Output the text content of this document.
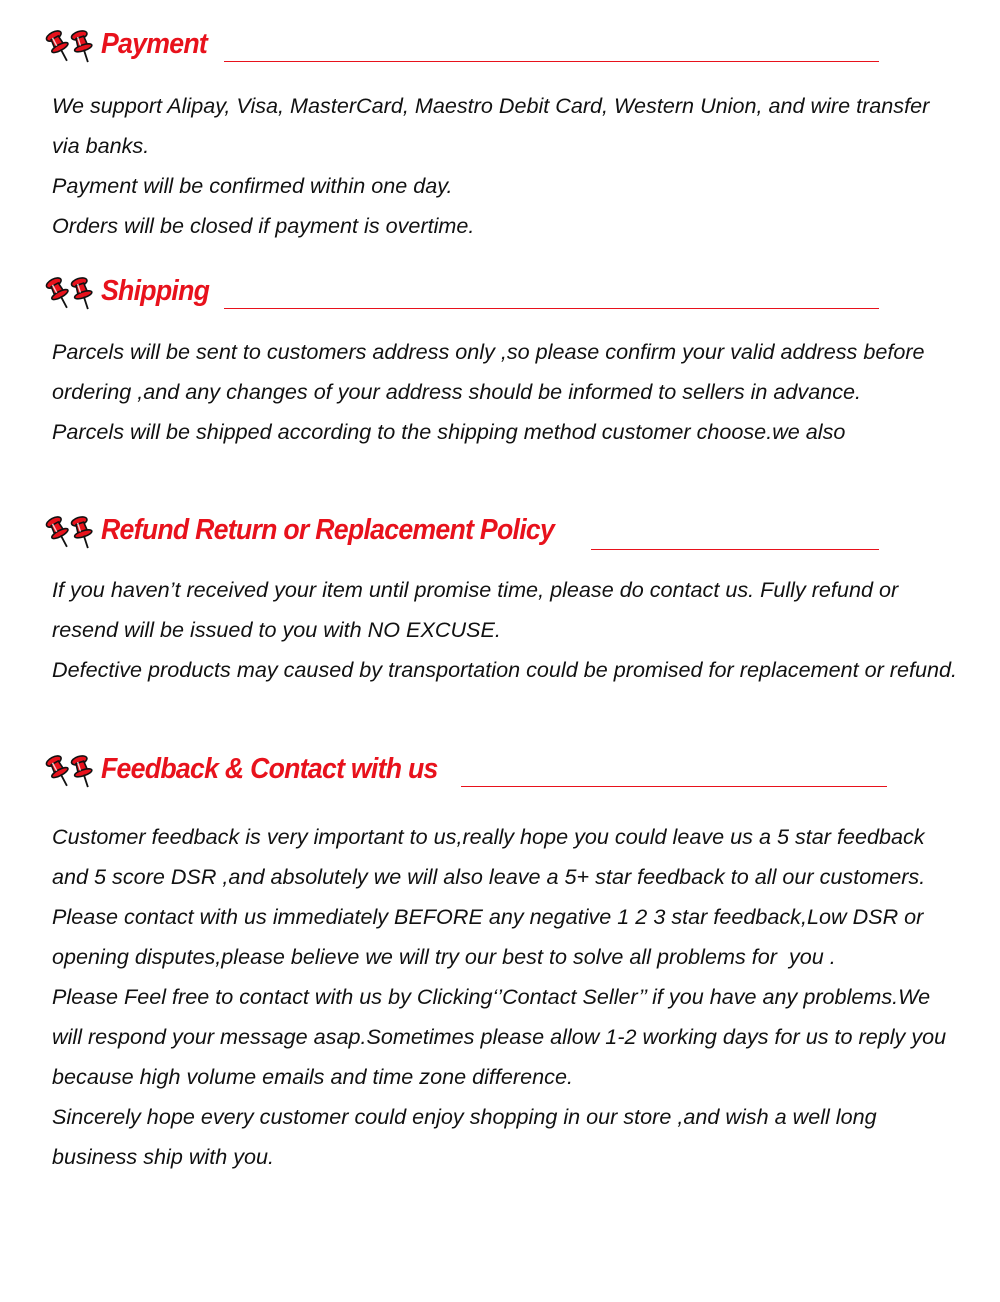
Payment

We support Alipay, Visa, MasterCard, Maestro Debit Card, Western Union, and wire transfer via banks.

Payment will be confirmed within one day.

Orders will be closed if payment is overtime.

Shipping

Parcels will be sent to customers address only ,so please confirm your valid address before ordering ,and any changes of your address should be informed to sellers in advance.

Parcels will be shipped according to the shipping method customer choose.we also

Refund Return or Replacement Policy

If you haven’t received your item until promise time, please do contact us. Fully refund or resend will be issued to you with NO EXCUSE.

Defective products may caused by transportation could be promised for replacement or refund.

Feedback & Contact with us

Customer feedback is very important to us,really hope you could leave us a 5 star feedback and 5 score DSR ,and absolutely we will also leave a 5+ star feedback to all our customers.

Please contact with us immediately BEFORE any negative 1 2 3 star feedback,Low DSR or opening disputes,please believe we will try our best to solve all problems for  you .

Please Feel free to contact with us by Clicking‘’Contact Seller’’ if you have any problems.We will respond your message asap.Sometimes please allow 1-2 working days for us to reply you because high volume emails and time zone difference.

Sincerely hope every customer could enjoy shopping in our store ,and wish a well long business ship with you.
